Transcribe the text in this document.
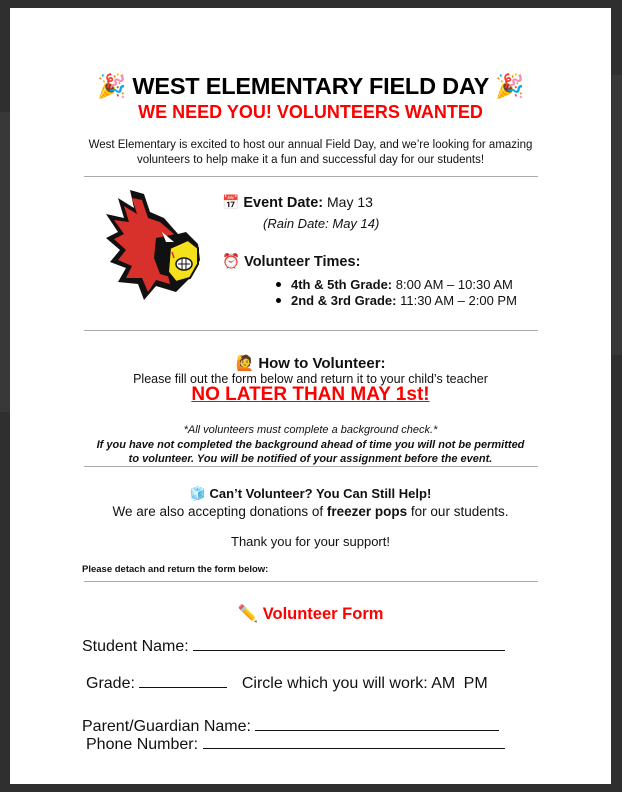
🎉 WEST ELEMENTARY FIELD DAY 🎉
WE NEED YOU! VOLUNTEERS WANTED
West Elementary is excited to host our annual Field Day, and we’re looking for amazing
volunteers to help make it a fun and successful day for our students!
📅 Event Date: May 13
(Rain Date: May 14)
⏰ Volunteer Times:
4th & 5th Grade: 8:00 AM – 10:30 AM
2nd & 3rd Grade: 11:30 AM – 2:00 PM
🙋 How to Volunteer:
Please fill out the form below and return it to your child’s teacher
NO LATER THAN MAY 1st!
*All volunteers must complete a background check.*
If you have not completed the background ahead of time you will not be permitted
to volunteer. You will be notified of your assignment before the event.
🧊 Can’t Volunteer? You Can Still Help!
We are also accepting donations of freezer pops for our students.
Thank you for your support!
Please detach and return the form below:
✏️ Volunteer Form
Student Name:
Grade:	Circle which you will work: AM PM
Parent/Guardian Name:
Phone Number:
